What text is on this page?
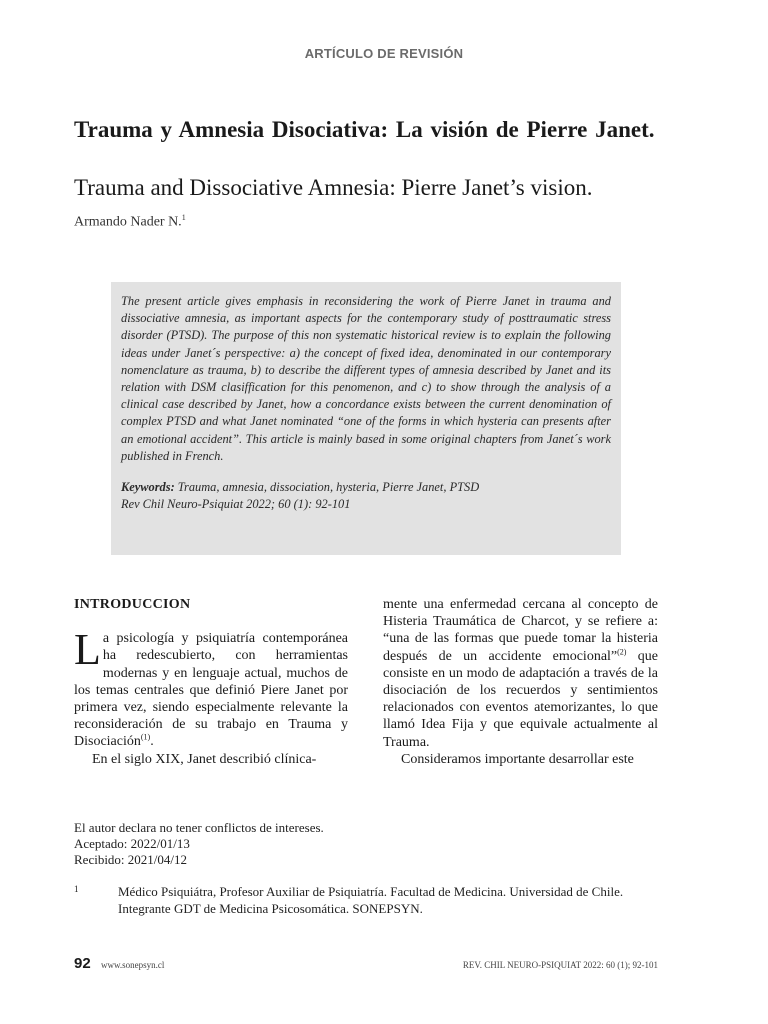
ARTÍCULO DE REVISIÓN
Trauma y Amnesia Disociativa: La visión de Pierre Janet.
Trauma and Dissociative Amnesia: Pierre Janet’s vision.
Armando Nader N.$^1$

The present article gives emphasis in reconsidering the work of Pierre Janet in trauma and dissociative amnesia, as important aspects for the contemporary study of posttraumatic stress disorder (PTSD). The purpose of this non systematic historical review is to explain the following ideas under Janet´s perspective: a) the concept of fixed idea, denominated in our contemporary nomenclature as trauma, b) to describe the different types of amnesia described by Janet and its relation with DSM clasiffication for this penomenon, and c) to show through the analysis of a clinical case described by Janet, how a concordance exists between the current denomination of complex PTSD and what Janet nominated “one of the forms in which hysteria can presents after an emotional accident”. This article is mainly based in some original chapters from Janet´s work published in French.

Keywords: Trauma, amnesia, dissociation, hysteria, Pierre Janet, PTSD
Rev Chil Neuro-Psiquiat 2022; 60 (1): 92-101

INTRODUCCION

La psicología y psiquiatría contemporánea ha redescubierto, con herramientas modernas y en lenguaje actual, muchos de los temas centrales que definió Piere Janet por primera vez, siendo especialmente relevante la reconsideración de su trabajo en Trauma y Disociación$^{(1)}$.

En el siglo XIX, Janet describió clínica-

mente una enfermedad cercana al concepto de Histeria Traumática de Charcot, y se refiere a: “una de las formas que puede tomar la histeria después de un accidente emocional”$^{(2)}$ que consiste en un modo de adaptación a través de la disociación de los recuerdos y sentimientos relacionados con eventos atemorizantes, lo que llamó Idea Fija y que equivale actualmente al Trauma.

Consideramos importante desarrollar este

El autor declara no tener conflictos de intereses.
Aceptado: 2022/01/13
Recibido: 2021/04/12
1	Médico Psiquiátra, Profesor Auxiliar de Psiquiatría. Facultad de Medicina. Universidad de Chile. Integrante GDT de Medicina Psicosomática. SONEPSYN.
92 www.sonepsyn.cl	REV. CHIL NEURO-PSIQUIAT 2022: 60 (1); 92-101
